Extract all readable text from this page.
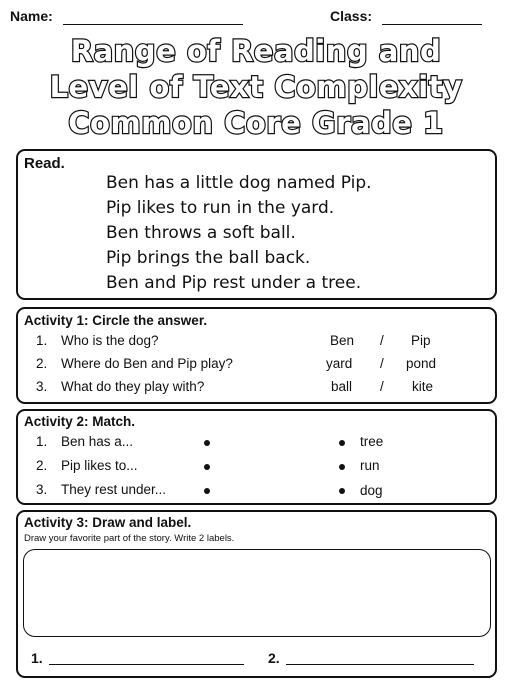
Name:	Class:
Range of Reading and
Level of Text Complexity
Common Core Grade 1
Read.
Ben has a little dog named Pip.
Pip likes to run in the yard.
Ben throws a soft ball.
Pip brings the ball back.
Ben and Pip rest under a tree.
Activity 1: Circle the answer.
1. Who is the dog?	Ben / Pip
2. Where do Ben and Pip play?	yard / pond
3. What do they play with?	ball / kite
Activity 2: Match.
1. Ben has a...	tree
2. Pip likes to...	run
3. They rest under...	dog
Activity 3: Draw and label.
Draw your favorite part of the story. Write 2 labels.
1.	2.
